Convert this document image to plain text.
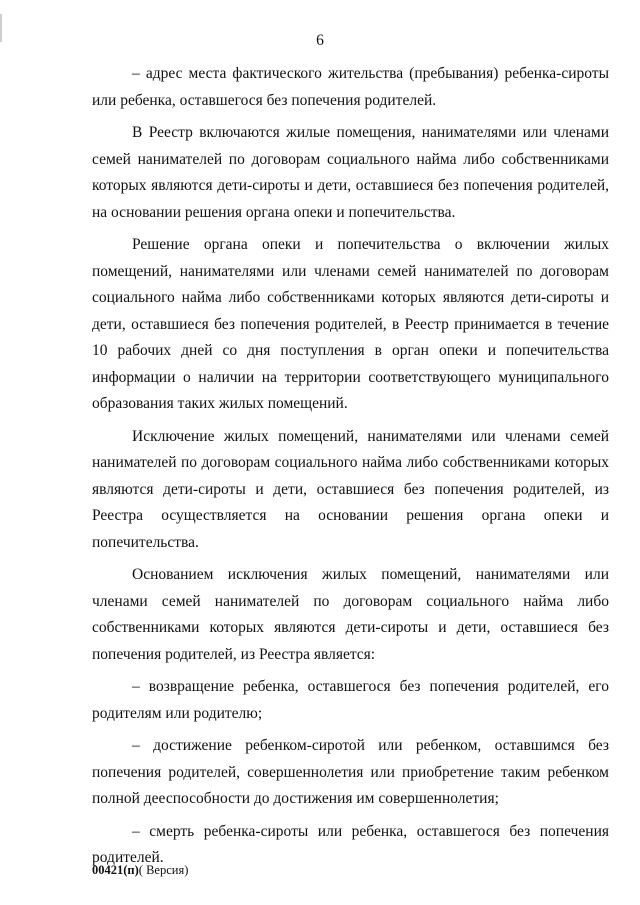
6

– адрес места фактического жительства (пребывания) ребенка-сироты или ребенка, оставшегося без попечения родителей.

В Реестр включаются жилые помещения, нанимателями или членами семей нанимателей по договорам социального найма либо собственниками которых являются дети-сироты и дети, оставшиеся без попечения родителей, на основании решения органа опеки и попечительства.

Решение органа опеки и попечительства о включении жилых помещений, нанимателями или членами семей нанимателей по договорам социального найма либо собственниками которых являются дети-сироты и дети, оставшиеся без попечения родителей, в Реестр принимается в течение 10 рабочих дней со дня поступления в орган опеки и попечительства информации о наличии на территории соответствующего муниципального образования таких жилых помещений.

Исключение жилых помещений, нанимателями или членами семей нанимателей по договорам социального найма либо собственниками которых являются дети-сироты и дети, оставшиеся без попечения родителей, из Реестра осуществляется на основании решения органа опеки и попечительства.

Основанием исключения жилых помещений, нанимателями или членами семей нанимателей по договорам социального найма либо собственниками которых являются дети-сироты и дети, оставшиеся без попечения родителей, из Реестра является:

– возвращение ребенка, оставшегося без попечения родителей, его родителям или родителю;

– достижение ребенком-сиротой или ребенком, оставшимся без попечения родителей, совершеннолетия или приобретение таким ребенком полной дееспособности до достижения им совершеннолетия;

– смерть ребенка-сироты или ребенка, оставшегося без попечения родителей.

00421(п)( Версия)
